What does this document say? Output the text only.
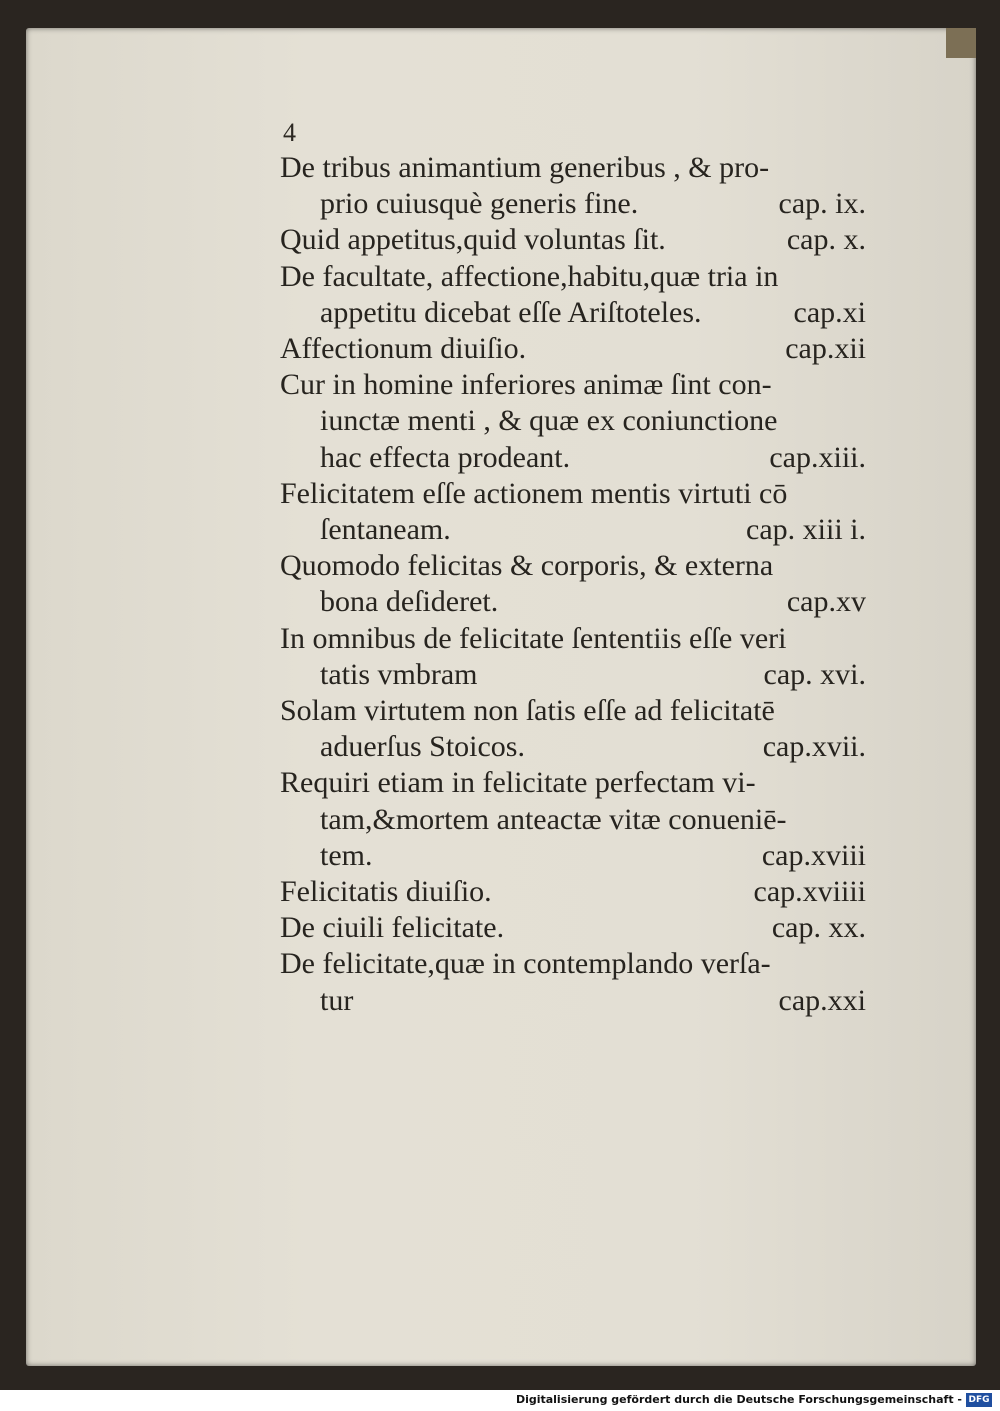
4
De tribus animantium generibus , & pro-
prio cuiusquè generis fine.	cap. ix.
Quid appetitus,quid voluntas ſit.	cap. x.
De facultate, affectione,habitu,quæ tria in
appetitu dicebat eſſe Ariſtoteles.	cap.xi
Affectionum diuiſio.	cap.xii
Cur in homine inferiores animæ ſint con-
iunctæ menti , & quæ ex coniunctione
hac effecta prodeant.	cap.xiii.
Felicitatem eſſe actionem mentis virtuti cō
ſentaneam.	cap. xiii i.
Quomodo felicitas & corporis, & externa
bona deſideret.	cap.xv
In omnibus de felicitate ſententiis eſſe veri
tatis vmbram	cap. xvi.
Solam virtutem non ſatis eſſe ad felicitatē
aduerſus Stoicos.	cap.xvii.
Requiri etiam in felicitate perfectam vi-
tam,&mortem anteactæ vitæ conueniē-
tem.	cap.xviii
Felicitatis diuiſio.	cap.xviiii
De ciuili felicitate.	cap. xx.
De felicitate,quæ in contemplando verſa-
tur	cap.xxi
Digitalisierung gefördert durch die Deutsche Forschungsgemeinschaft - DFG
